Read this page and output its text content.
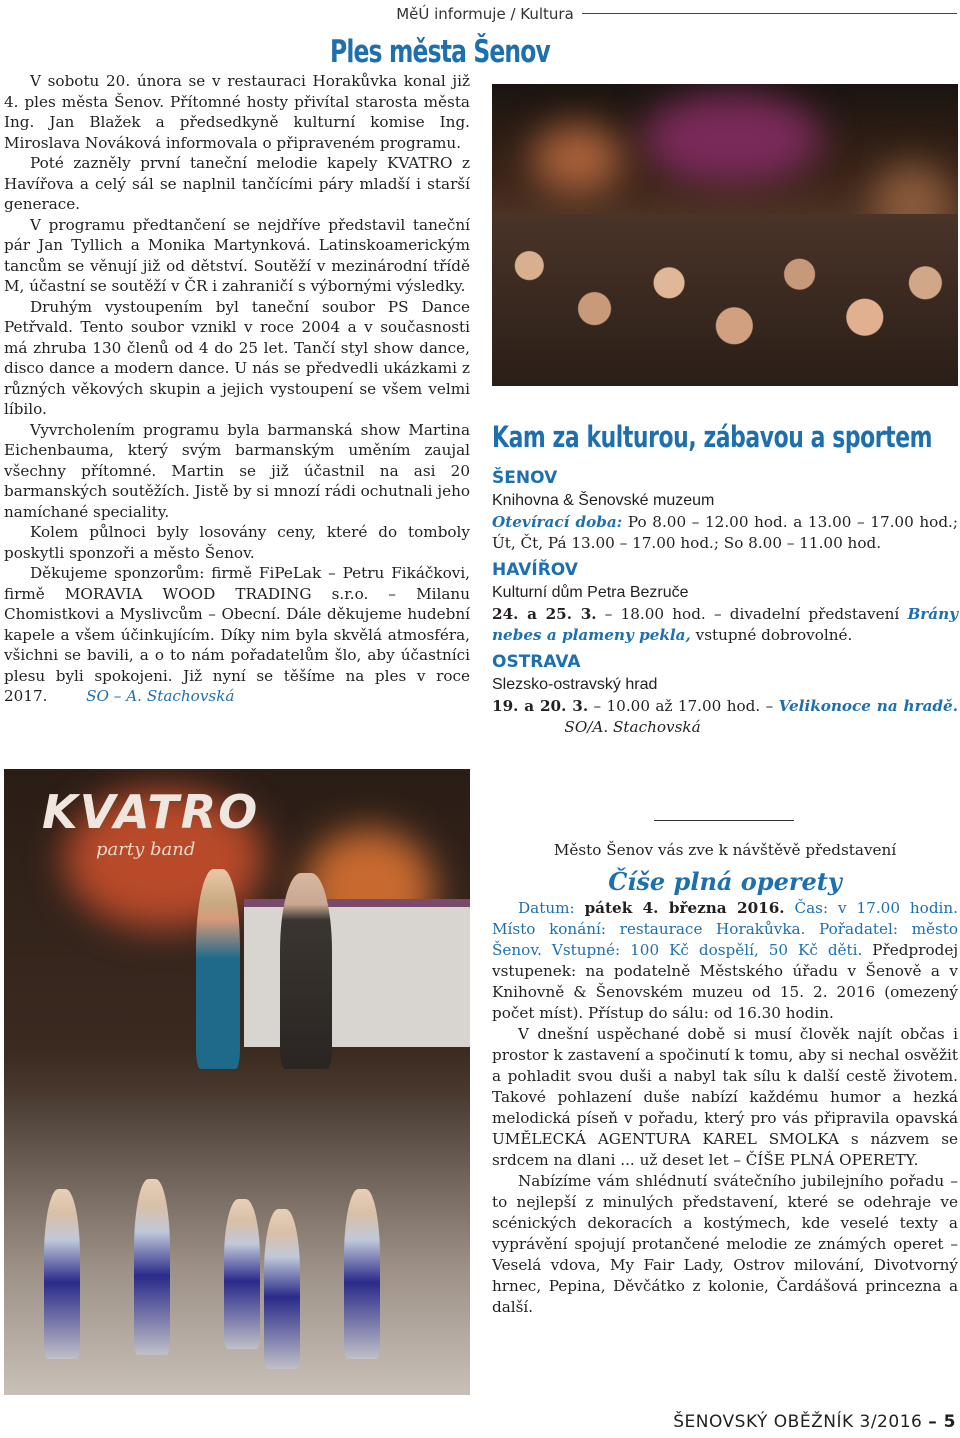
MěÚ informuje / Kultura
Ples města Šenov

V sobotu 20. února se v restauraci Horakůvka konal již 4. ples města Šenov. Přítomné hosty přivítal starosta města Ing. Jan Blažek a předsedkyně kulturní komise Ing. Miroslava Nováková informovala o připraveném programu.

Poté zazněly první taneční melodie kapely KVATRO z Havířova a celý sál se naplnil tančícími páry mladší i starší generace.

V programu předtančení se nejdříve představil taneční pár Jan Tyllich a Monika Martynková. Latinskoamerickým tancům se věnují již od dětství. Soutěží v mezinárodní třídě M, účastní se soutěží v ČR i zahraničí s výbornými výsledky.

Druhým vystoupením byl taneční soubor PS Dance Petřvald. Tento soubor vznikl v roce 2004 a v současnosti má zhruba 130 členů od 4 do 25 let. Tančí styl show dance, disco dance a modern dance. U nás se předvedli ukázkami z různých věkových skupin a jejich vystoupení se všem velmi líbilo.

Vyvrcholením programu byla barmanská show Martina Eichenbauma, který svým barmanským uměním zaujal všechny přítomné. Martin se již účastnil na asi 20 barmanských soutěžích. Jistě by si mnozí rádi ochutnali jeho namíchané speciality.

Kolem půlnoci byly losovány ceny, které do tomboly poskytli sponzoři a město Šenov.

Děkujeme sponzorům: firmě FiPeLak – Petru Fikáčkovi, firmě MORAVIA WOOD TRADING s.r.o. – Milanu Chomistkovi a Myslivcům – Obecní. Dále děkujeme hudební kapele a všem účinkujícím. Díky nim byla skvělá atmosféra, všichni se bavili, a o to nám pořadatelům šlo, aby účastníci plesu byli spokojeni. Již nyní se těšíme na ples v roce 2017.	SO – A. Stachovská

KVATRO
party band
Kam za kulturou, zábavou a sportem

ŠENOV

Knihovna & Šenovské muzeum

Otevírací doba: Po 8.00 – 12.00 hod. a 13.00 – 17.00 hod.; Út, Čt, Pá 13.00 – 17.00 hod.; So 8.00 – 11.00 hod.

HAVÍŘOV

Kulturní dům Petra Bezruče

24. a 25. 3. – 18.00 hod. – divadelní představení Brány nebes a plameny pekla, vstupné dobrovolné.

OSTRAVA

Slezsko-ostravský hrad

19. a 20. 3. – 10.00 až 17.00 hod. – Velikonoce na hradě.                SO/A. Stachovská

Město Šenov vás zve k návštěvě představení

Číše plná operety

Datum: pátek 4. března 2016. Čas: v 17.00 hodin. Místo konání: restaurace Horakůvka. Pořadatel: město Šenov. Vstupné: 100 Kč dospělí, 50 Kč děti. Předprodej vstupenek: na podatelně Městského úřadu v Šenově a v Knihovně & Šenovském muzeu od 15. 2. 2016 (omezený počet míst). Přístup do sálu: od 16.30 hodin.

V dnešní uspěchané době si musí člověk najít občas i prostor k zastavení a spočinutí k tomu, aby si nechal osvěžit a pohladit svou duši a nabyl tak sílu k další cestě životem. Takové pohlazení duše nabízí každému humor a hezká melodická píseň v pořadu, který pro vás připravila opavská UMĚLECKÁ AGENTURA KAREL SMOLKA s názvem se srdcem na dlani ... už deset let – ČÍŠE PLNÁ OPERETY.

Nabízíme vám shlédnutí svátečního jubilejního pořadu – to nejlepší z minulých představení, které se odehraje ve scénických dekoracích a kostýmech, kde veselé texty a vyprávění spojují protančené melodie ze známých operet – Veselá vdova, My Fair Lady, Ostrov milování, Divotvorný hrnec, Pepina, Děvčátko z kolonie, Čardášová princezna a další.

ŠENOVSKÝ OBĚŽNÍK 3/2016 – 5
